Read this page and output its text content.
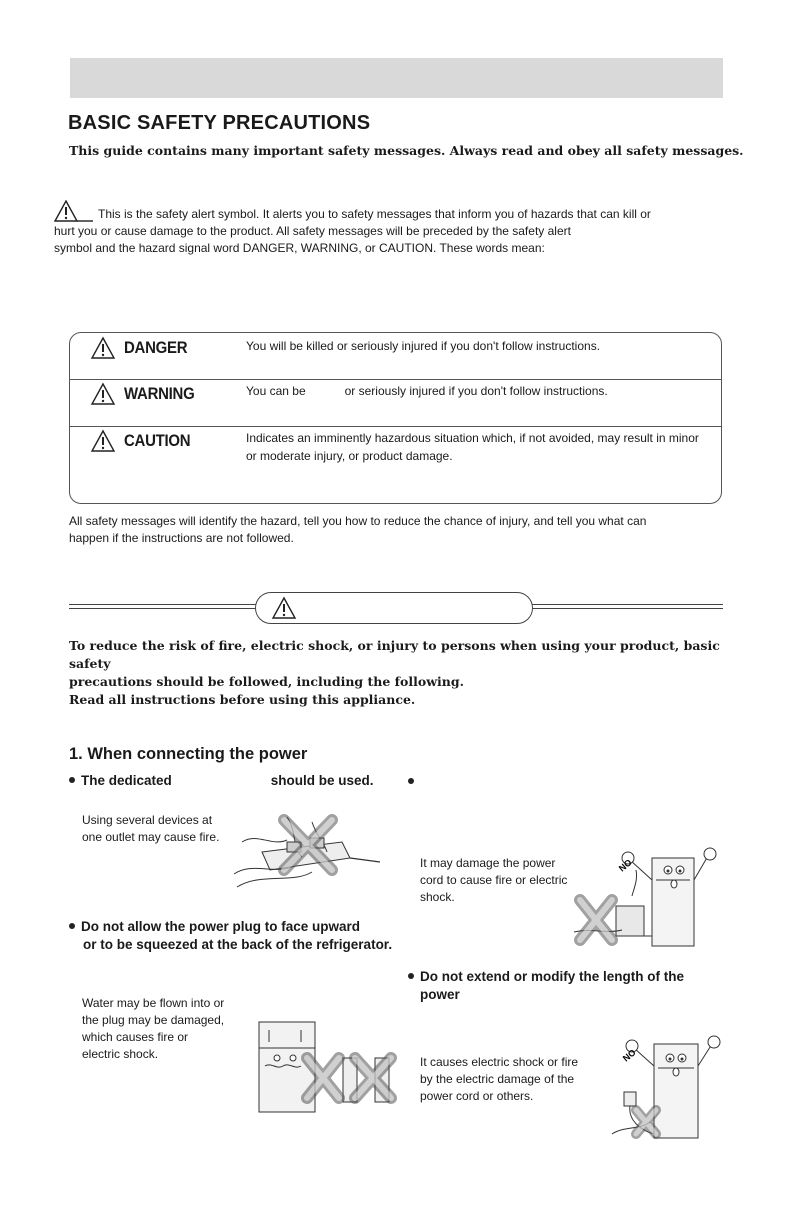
BASIC SAFETY PRECAUTIONS
This guide contains many important safety messages. Always read and obey all safety messages.
This is the safety alert symbol. It alerts you to safety messages that inform you of hazards that can kill or
hurt you or cause damage to the product. All safety messages will be preceded by the safety alert
symbol and the hazard signal word DANGER, WARNING, or CAUTION. These words mean:
DANGER	You will be killed or seriously injured if you don't follow instructions.
WARNING	You can be	or seriously injured if you don't follow instructions.
CAUTION	Indicates an imminently hazardous situation which, if not avoided, may result in minor or moderate injury, or product damage.
All safety messages will identify the hazard, tell you how to reduce the chance of injury, and tell you what can
happen if the instructions are not followed.
To reduce the risk of fire, electric shock, or injury to persons when using your product, basic safety
precautions should be followed, including the following.
Read all instructions before using this appliance.
1. When connecting the power
The dedicated	should be used.
Using several devices at
one outlet may cause fire.
It may damage the power
cord to cause fire or electric
shock.
NO
Do not allow the power plug to face upward
or to be squeezed at the back of the refrigerator.
Do not extend or modify the length of the
power
Water may be flown into or
the plug may be damaged,
which causes fire or
electric shock.
It causes electric shock or fire
by the electric damage of the
power cord or others.
NO
